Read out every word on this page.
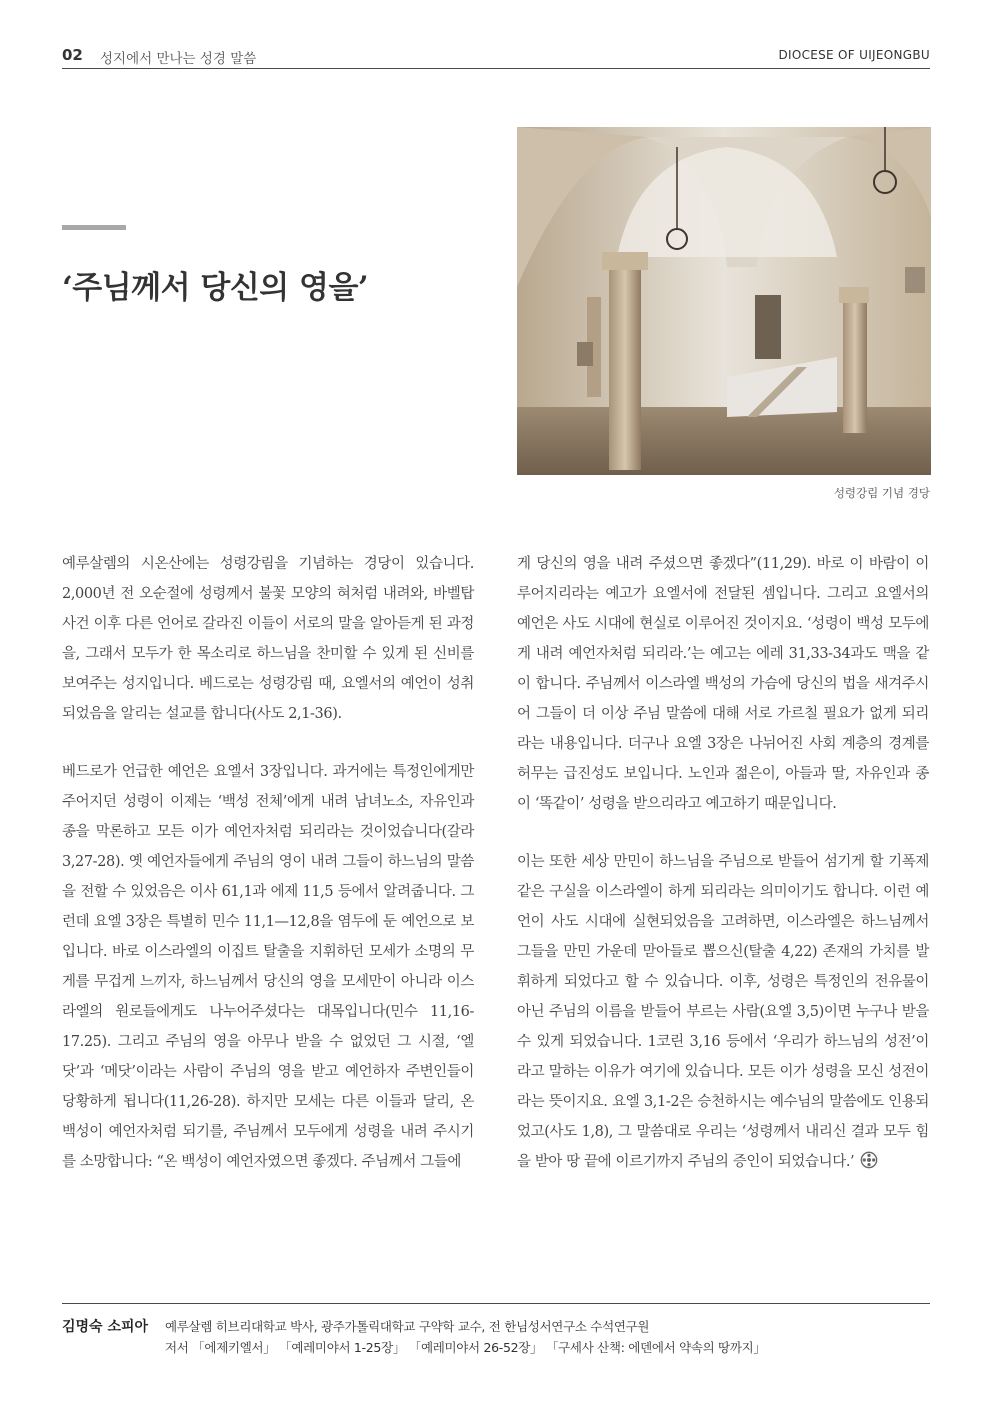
02 성지에서 만나는 성경 말씀	DIOCESE OF UIJEONGBU
‘주님께서 당신의 영을’
성령강림 기념 경당

예루살렘의 시온산에는 성령강림을 기념하는 경당이 있습니다. 2,000년 전 오순절에 성령께서 불꽃 모양의 혀처럼 내려와, 바벨탑 사건 이후 다른 언어로 갈라진 이들이 서로의 말을 알아듣게 된 과정을, 그래서 모두가 한 목소리로 하느님을 찬미할 수 있게 된 신비를 보여주는 성지입니다. 베드로는 성령강림 때, 요엘서의 예언이 성취되었음을 알리는 설교를 합니다(사도 2,1-36).

베드로가 언급한 예언은 요엘서 3장입니다. 과거에는 특정인에게만 주어지던 성령이 이제는 ‘백성 전체’에게 내려 남녀노소, 자유인과 종을 막론하고 모든 이가 예언자처럼 되리라는 것이었습니다(갈라 3,27-28). 옛 예언자들에게 주님의 영이 내려 그들이 하느님의 말씀을 전할 수 있었음은 이사 61,1과 에제 11,5 등에서 알려줍니다. 그런데 요엘 3장은 특별히 민수 11,1—12,8을 염두에 둔 예언으로 보입니다. 바로 이스라엘의 이집트 탈출을 지휘하던 모세가 소명의 무게를 무겁게 느끼자, 하느님께서 당신의 영을 모세만이 아니라 이스라엘의 원로들에게도 나누어주셨다는 대목입니다(민수 11,16-17.25). 그리고 주님의 영을 아무나 받을 수 없었던 그 시절, ‘엘닷’과 ‘메닷’이라는 사람이 주님의 영을 받고 예언하자 주변인들이 당황하게 됩니다(11,26-28). 하지만 모세는 다른 이들과 달리, 온 백성이 예언자처럼 되기를, 주님께서 모두에게 성령을 내려 주시기를 소망합니다: “온 백성이 예언자였으면 좋겠다. 주님께서 그들에

게 당신의 영을 내려 주셨으면 좋겠다”(11,29). 바로 이 바람이 이루어지리라는 예고가 요엘서에 전달된 셈입니다. 그리고 요엘서의 예언은 사도 시대에 현실로 이루어진 것이지요. ‘성령이 백성 모두에게 내려 예언자처럼 되리라.’는 예고는 에레 31,33-34과도 맥을 같이 합니다. 주님께서 이스라엘 백성의 가슴에 당신의 법을 새겨주시어 그들이 더 이상 주님 말씀에 대해 서로 가르칠 필요가 없게 되리라는 내용입니다. 더구나 요엘 3장은 나뉘어진 사회 계층의 경계를 허무는 급진성도 보입니다. 노인과 젊은이, 아들과 딸, 자유인과 종이 ‘똑같이’ 성령을 받으리라고 예고하기 때문입니다.

이는 또한 세상 만민이 하느님을 주님으로 받들어 섬기게 할 기폭제 같은 구실을 이스라엘이 하게 되리라는 의미이기도 합니다. 이런 예언이 사도 시대에 실현되었음을 고려하면, 이스라엘은 하느님께서 그들을 만민 가운데 맏아들로 뽑으신(탈출 4,22) 존재의 가치를 발휘하게 되었다고 할 수 있습니다. 이후, 성령은 특정인의 전유물이 아닌 주님의 이름을 받들어 부르는 사람(요엘 3,5)이면 누구나 받을 수 있게 되었습니다. 1코린 3,16 등에서 ‘우리가 하느님의 성전’이라고 말하는 이유가 여기에 있습니다. 모든 이가 성령을 모신 성전이라는 뜻이지요. 요엘 3,1-2은 승천하시는 예수님의 말씀에도 인용되었고(사도 1,8), 그 말씀대로 우리는 ‘성령께서 내리신 결과 모두 힘을 받아 땅 끝에 이르기까지 주님의 증인이 되었습니다.’

김명숙 소피아 예루살렘 히브리대학교 박사, 광주가톨릭대학교 구약학 교수, 전 한님성서연구소 수석연구원
저서 「에제키엘서」 「예레미야서 1-25장」 「예레미야서 26-52장」 「구세사 산책: 에덴에서 약속의 땅까지」
